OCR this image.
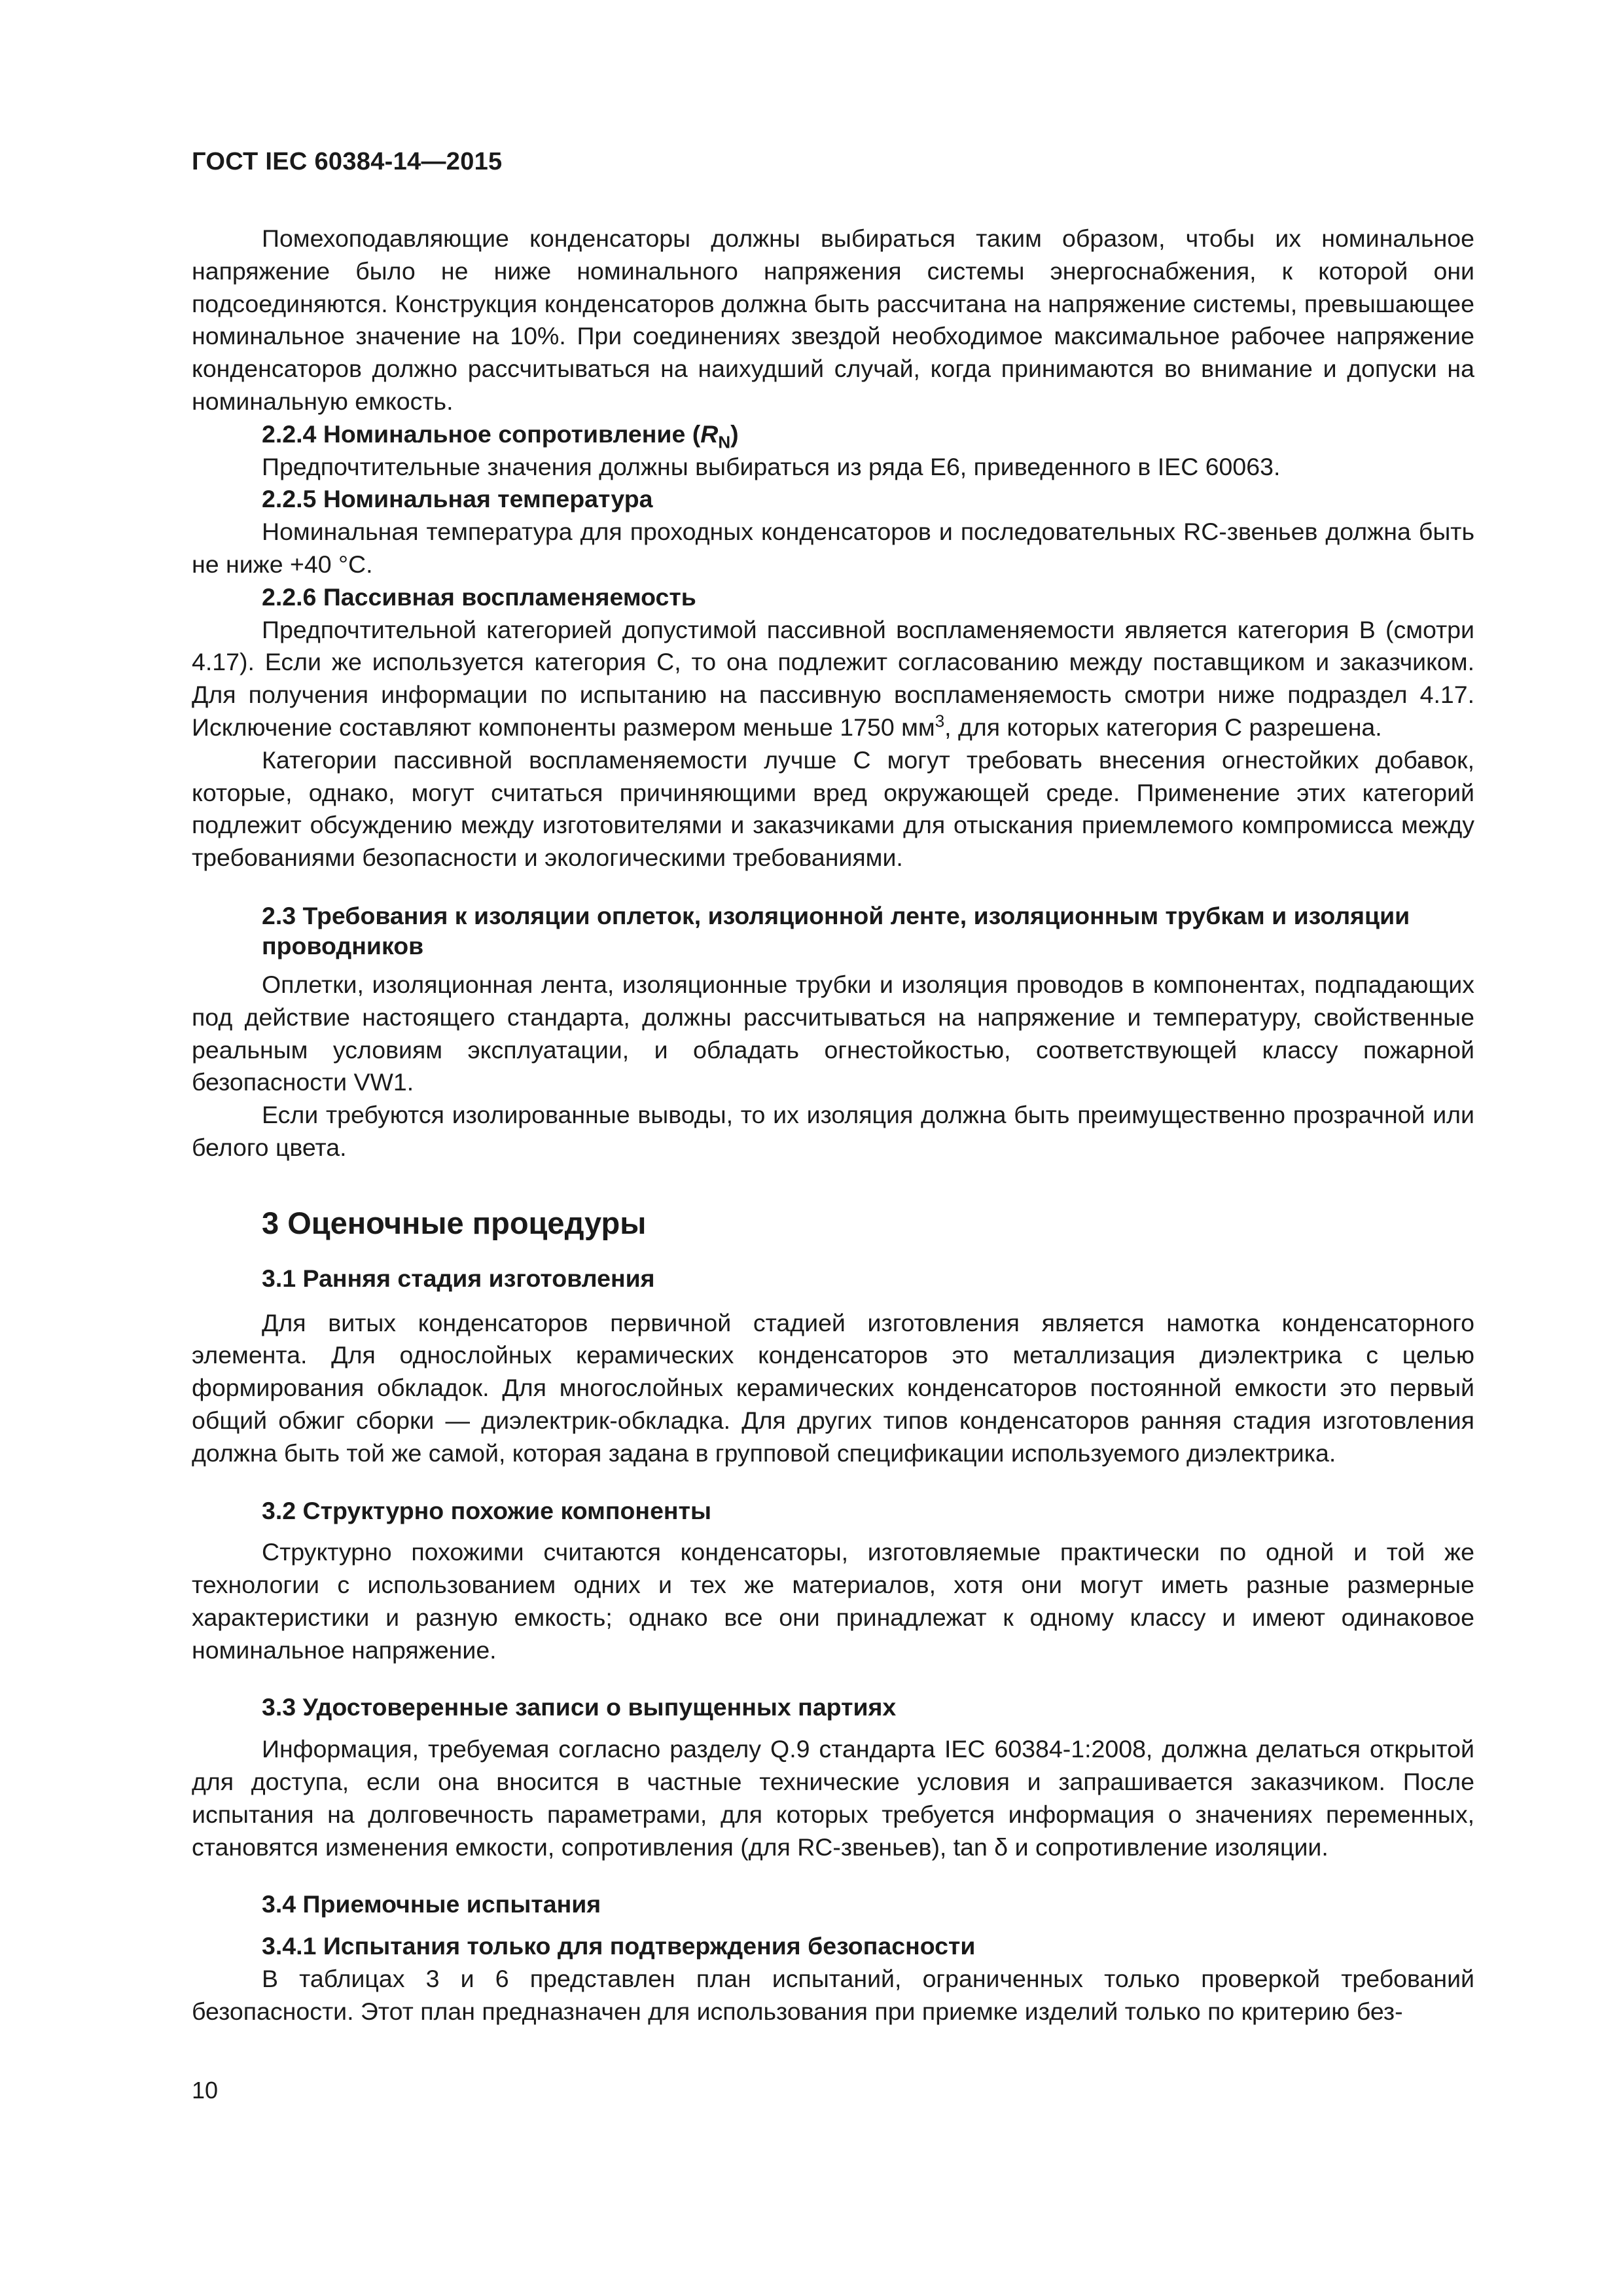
ГОСТ IEC 60384-14—2015

Помехоподавляющие конденсаторы должны выбираться таким образом, чтобы их номинальное напряжение было не ниже номинального напряжения системы энергоснабжения, к которой они подсоединяются. Конструкция конденсаторов должна быть рассчитана на напряжение системы, превышающее номинальное значение на 10%. При соединениях звездой необходимое максимальное рабочее напряжение конденсаторов должно рассчитываться на наихудший случай, когда принимаются во внимание и допуски на номинальную емкость.

2.2.4 Номинальное сопротивление $(R_N)$

Предпочтительные значения должны выбираться из ряда Е6, приведенного в IEC 60063.

2.2.5 Номинальная температура

Номинальная температура для проходных конденсаторов и последовательных RC-звеньев должна быть не ниже +40 °С.

2.2.6 Пассивная воспламеняемость

Предпочтительной категорией допустимой пассивной воспламеняемости является категория В (смотри 4.17). Если же используется категория С, то она подлежит согласованию между поставщиком и заказчиком. Для получения информации по испытанию на пассивную воспламеняемость смотри ниже подраздел 4.17. Исключение составляют компоненты размером меньше 1750 $мм^3$, для которых категория С разрешена.

Категории пассивной воспламеняемости лучше С могут требовать внесения огнестойких добавок, которые, однако, могут считаться причиняющими вред окружающей среде. Применение этих категорий подлежит обсуждению между изготовителями и заказчиками для отыскания приемлемого компромисса между требованиями безопасности и экологическими требованиями.

2.3 Требования к изоляции оплеток, изоляционной ленте, изоляционным трубкам и изоляции проводников

Оплетки, изоляционная лента, изоляционные трубки и изоляция проводов в компонентах, подпадающих под действие настоящего стандарта, должны рассчитываться на напряжение и температуру, свойственные реальным условиям эксплуатации, и обладать огнестойкостью, соответствующей классу пожарной безопасности VW1.

Если требуются изолированные выводы, то их изоляция должна быть преимущественно прозрачной или белого цвета.

3 Оценочные процедуры

3.1 Ранняя стадия изготовления

Для витых конденсаторов первичной стадией изготовления является намотка конденсаторного элемента. Для однослойных керамических конденсаторов это металлизация диэлектрика с целью формирования обкладок. Для многослойных керамических конденсаторов постоянной емкости это первый общий обжиг сборки — диэлектрик-обкладка. Для других типов конденсаторов ранняя стадия изготовления должна быть той же самой, которая задана в групповой спецификации используемого диэлектрика.

3.2 Структурно похожие компоненты

Структурно похожими считаются конденсаторы, изготовляемые практически по одной и той же технологии с использованием одних и тех же материалов, хотя они могут иметь разные размерные характеристики и разную емкость; однако все они принадлежат к одному классу и имеют одинаковое номинальное напряжение.

3.3 Удостоверенные записи о выпущенных партиях

Информация, требуемая согласно разделу Q.9 стандарта IEC 60384-1:2008, должна делаться открытой для доступа, если она вносится в частные технические условия и запрашивается заказчиком. После испытания на долговечность параметрами, для которых требуется информация о значениях переменных, становятся изменения емкости, сопротивления (для RC-звеньев), tan δ и сопротивление изоляции.

3.4 Приемочные испытания

3.4.1 Испытания только для подтверждения безопасности

В таблицах 3 и 6 представлен план испытаний, ограниченных только проверкой требований безопасности. Этот план предназначен для использования при приемке изделий только по критерию без-

10
